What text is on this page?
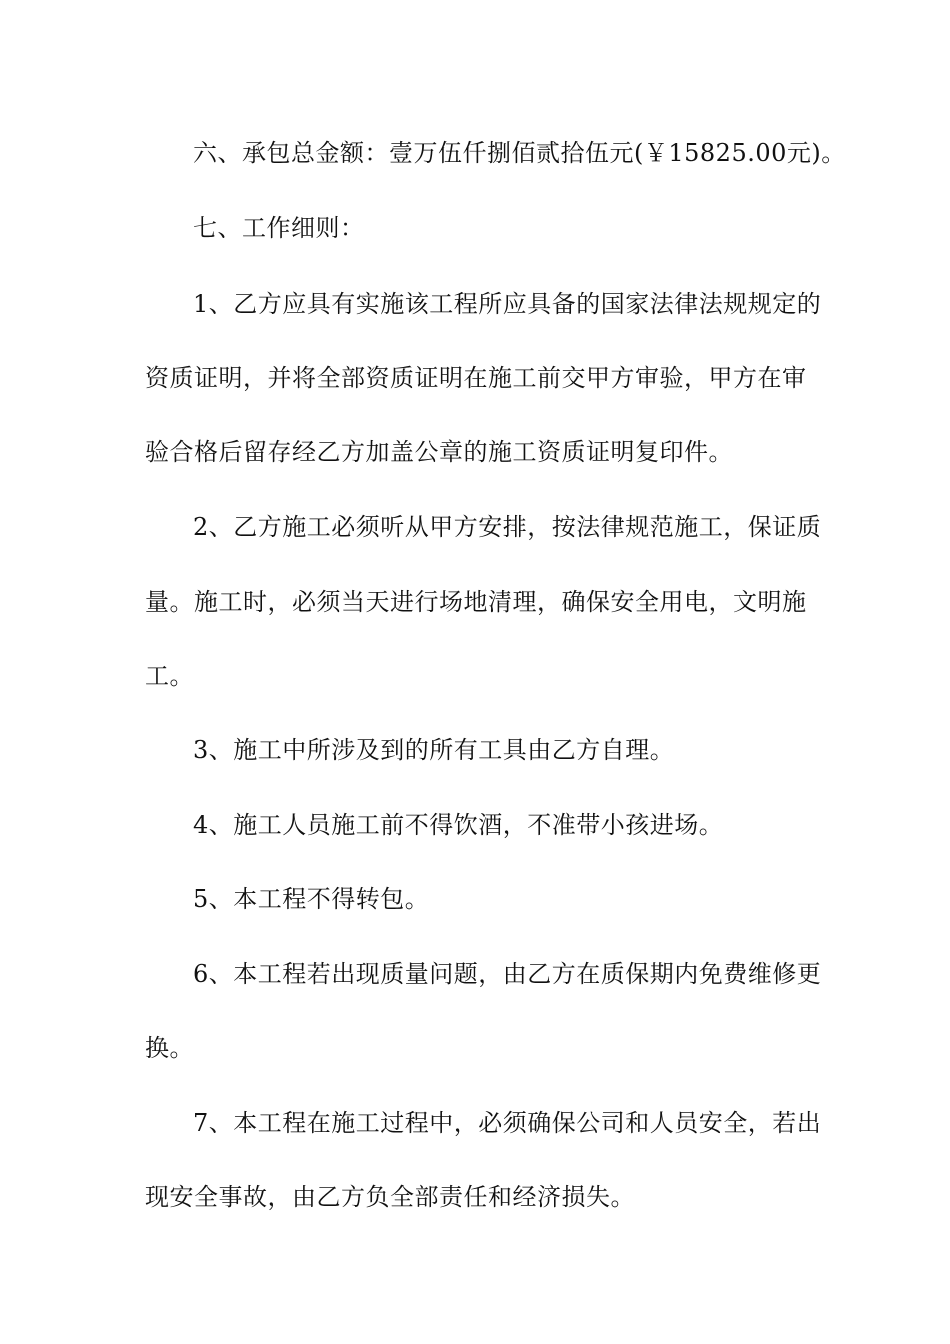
六、承包总金额：壹万伍仟捌佰贰拾伍元(￥15825.00元)。
七、工作细则：
1、乙方应具有实施该工程所应具备的国家法律法规规定的
资质证明，并将全部资质证明在施工前交甲方审验，甲方在审
验合格后留存经乙方加盖公章的施工资质证明复印件。
2、乙方施工必须听从甲方安排，按法律规范施工，保证质
量。施工时，必须当天进行场地清理，确保安全用电，文明施
工。
3、施工中所涉及到的所有工具由乙方自理。
4、施工人员施工前不得饮酒，不准带小孩进场。
5、本工程不得转包。
6、本工程若出现质量问题，由乙方在质保期内免费维修更
换。
7、本工程在施工过程中，必须确保公司和人员安全，若出
现安全事故，由乙方负全部责任和经济损失。
